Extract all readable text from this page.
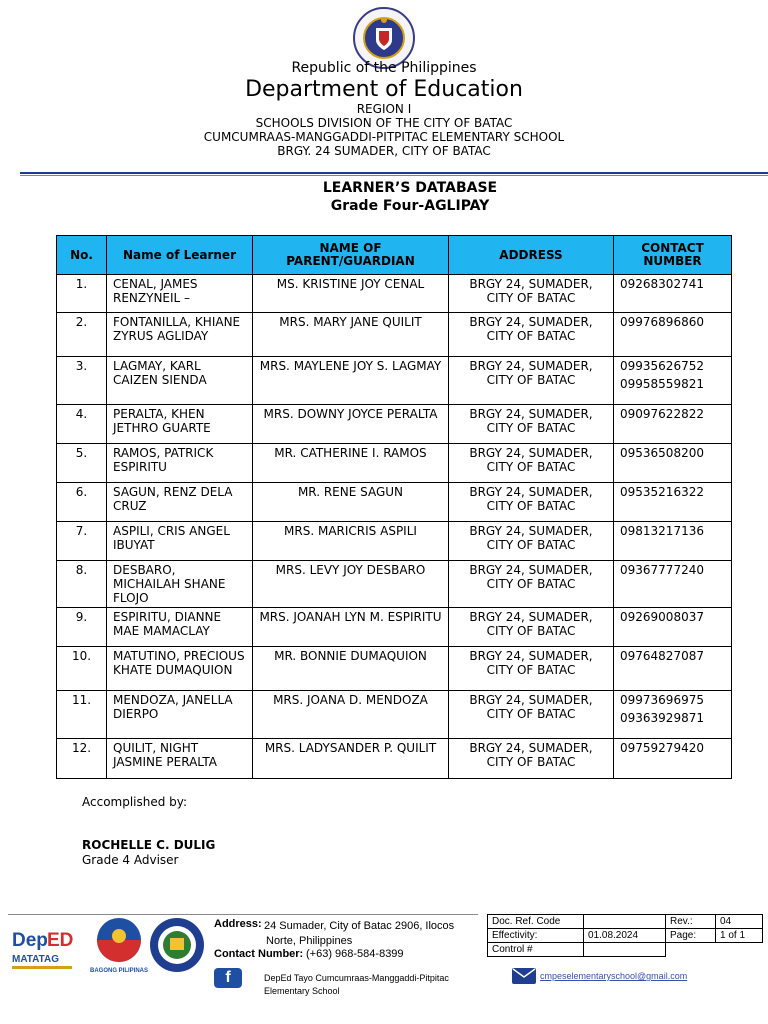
Republic of the Philippines
Department of Education
REGION I
SCHOOLS DIVISION OF THE CITY OF BATAC
CUMCUMRAAS-MANGGADDI-PITPITAC ELEMENTARY SCHOOL
BRGY. 24 SUMADER, CITY OF BATAC
LEARNER’S DATABASE
Grade Four-AGLIPAY
No.	Name of Learner	NAME OF PARENT/GUARDIAN	ADDRESS	CONTACT NUMBER
1.	CENAL, JAMES RENZYNEIL –	MS. KRISTINE JOY CENAL	BRGY 24, SUMADER, CITY OF BATAC	09268302741
2.	FONTANILLA, KHIANE ZYRUS AGLIDAY	MRS. MARY JANE QUILIT	BRGY 24, SUMADER, CITY OF BATAC	09976896860
3.	LAGMAY, KARL CAIZEN SIENDA	MRS. MAYLENE JOY S. LAGMAY	BRGY 24, SUMADER, CITY OF BATAC	09935626752
09958559821

4.	PERALTA, KHEN JETHRO GUARTE	MRS. DOWNY JOYCE PERALTA	BRGY 24, SUMADER, CITY OF BATAC	09097622822
5.	RAMOS, PATRICK ESPIRITU	MR. CATHERINE I. RAMOS	BRGY 24, SUMADER, CITY OF BATAC	09536508200
6.	SAGUN, RENZ DELA CRUZ	MR. RENE SAGUN	BRGY 24, SUMADER, CITY OF BATAC	09535216322
7.	ASPILI, CRIS ANGEL IBUYAT	MRS. MARICRIS ASPILI	BRGY 24, SUMADER, CITY OF BATAC	09813217136
8.	DESBARO, MICHAILAH SHANE FLOJO	MRS. LEVY JOY DESBARO	BRGY 24, SUMADER, CITY OF BATAC	09367777240
9.	ESPIRITU, DIANNE MAE MAMACLAY	MRS. JOANAH LYN M. ESPIRITU	BRGY 24, SUMADER, CITY OF BATAC	09269008037
10.	MATUTINO, PRECIOUS KHATE DUMAQUION	MR. BONNIE DUMAQUION	BRGY 24, SUMADER, CITY OF BATAC	09764827087
11.	MENDOZA, JANELLA DIERPO	MRS. JOANA D. MENDOZA	BRGY 24, SUMADER, CITY OF BATAC	09973696975
09363929871

12.	QUILIT, NIGHT JASMINE PERALTA	MRS. LADYSANDER P. QUILIT	BRGY 24, SUMADER, CITY OF BATAC	09759279420
Accomplished by:
ROCHELLE C. DULIG
Grade 4 Adviser
Dep ED
MATATAG
BAGONG PILIPINAS
Address: 24 Sumader, City of Batac 2906, Ilocos Norte, Philippines
Contact Number: (+63) 968-584-8399
f	DepEd Tayo Cumcumraas-Manggaddi-Pitpitac Elementary School
Doc. Ref. Code		Rev.:	04
Effectivity:	01.08.2024	Page:	1 of 1
Control #			
cmpeselementaryschool@gmail.com
